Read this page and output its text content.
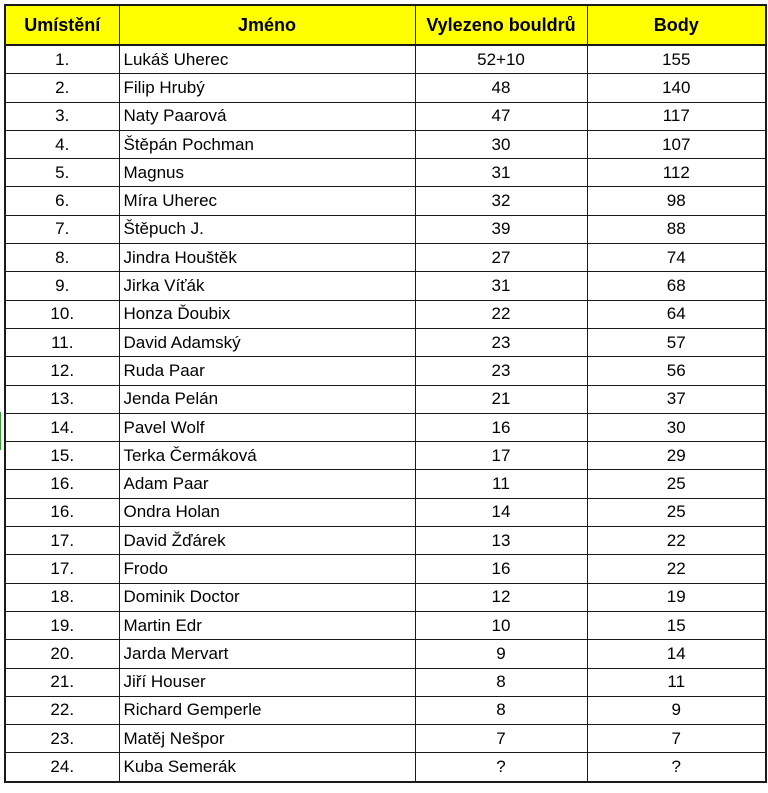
Umístění	Jméno	Vylezeno bouldrů	Body
1.	Lukáš Uherec	52+10	155
2.	Filip Hrubý	48	140
3.	Naty Paarová	47	117
4.	Štěpán Pochman	30	107
5.	Magnus	31	112
6.	Míra Uherec	32	98
7.	Štěpuch J.	39	88
8.	Jindra Houštěk	27	74
9.	Jirka Víťák	31	68
10.	Honza Ďoubix	22	64
11.	David Adamský	23	57
12.	Ruda Paar	23	56
13.	Jenda Pelán	21	37
14.	Pavel Wolf	16	30
15.	Terka Čermáková	17	29
16.	Adam Paar	11	25
16.	Ondra Holan	14	25
17.	David Žďárek	13	22
17.	Frodo	16	22
18.	Dominik Doctor	12	19
19.	Martin Edr	10	15
20.	Jarda Mervart	9	14
21.	Jiří Houser	8	11
22.	Richard Gemperle	8	9
23.	Matěj Nešpor	7	7
24.	Kuba Semerák	?	?
